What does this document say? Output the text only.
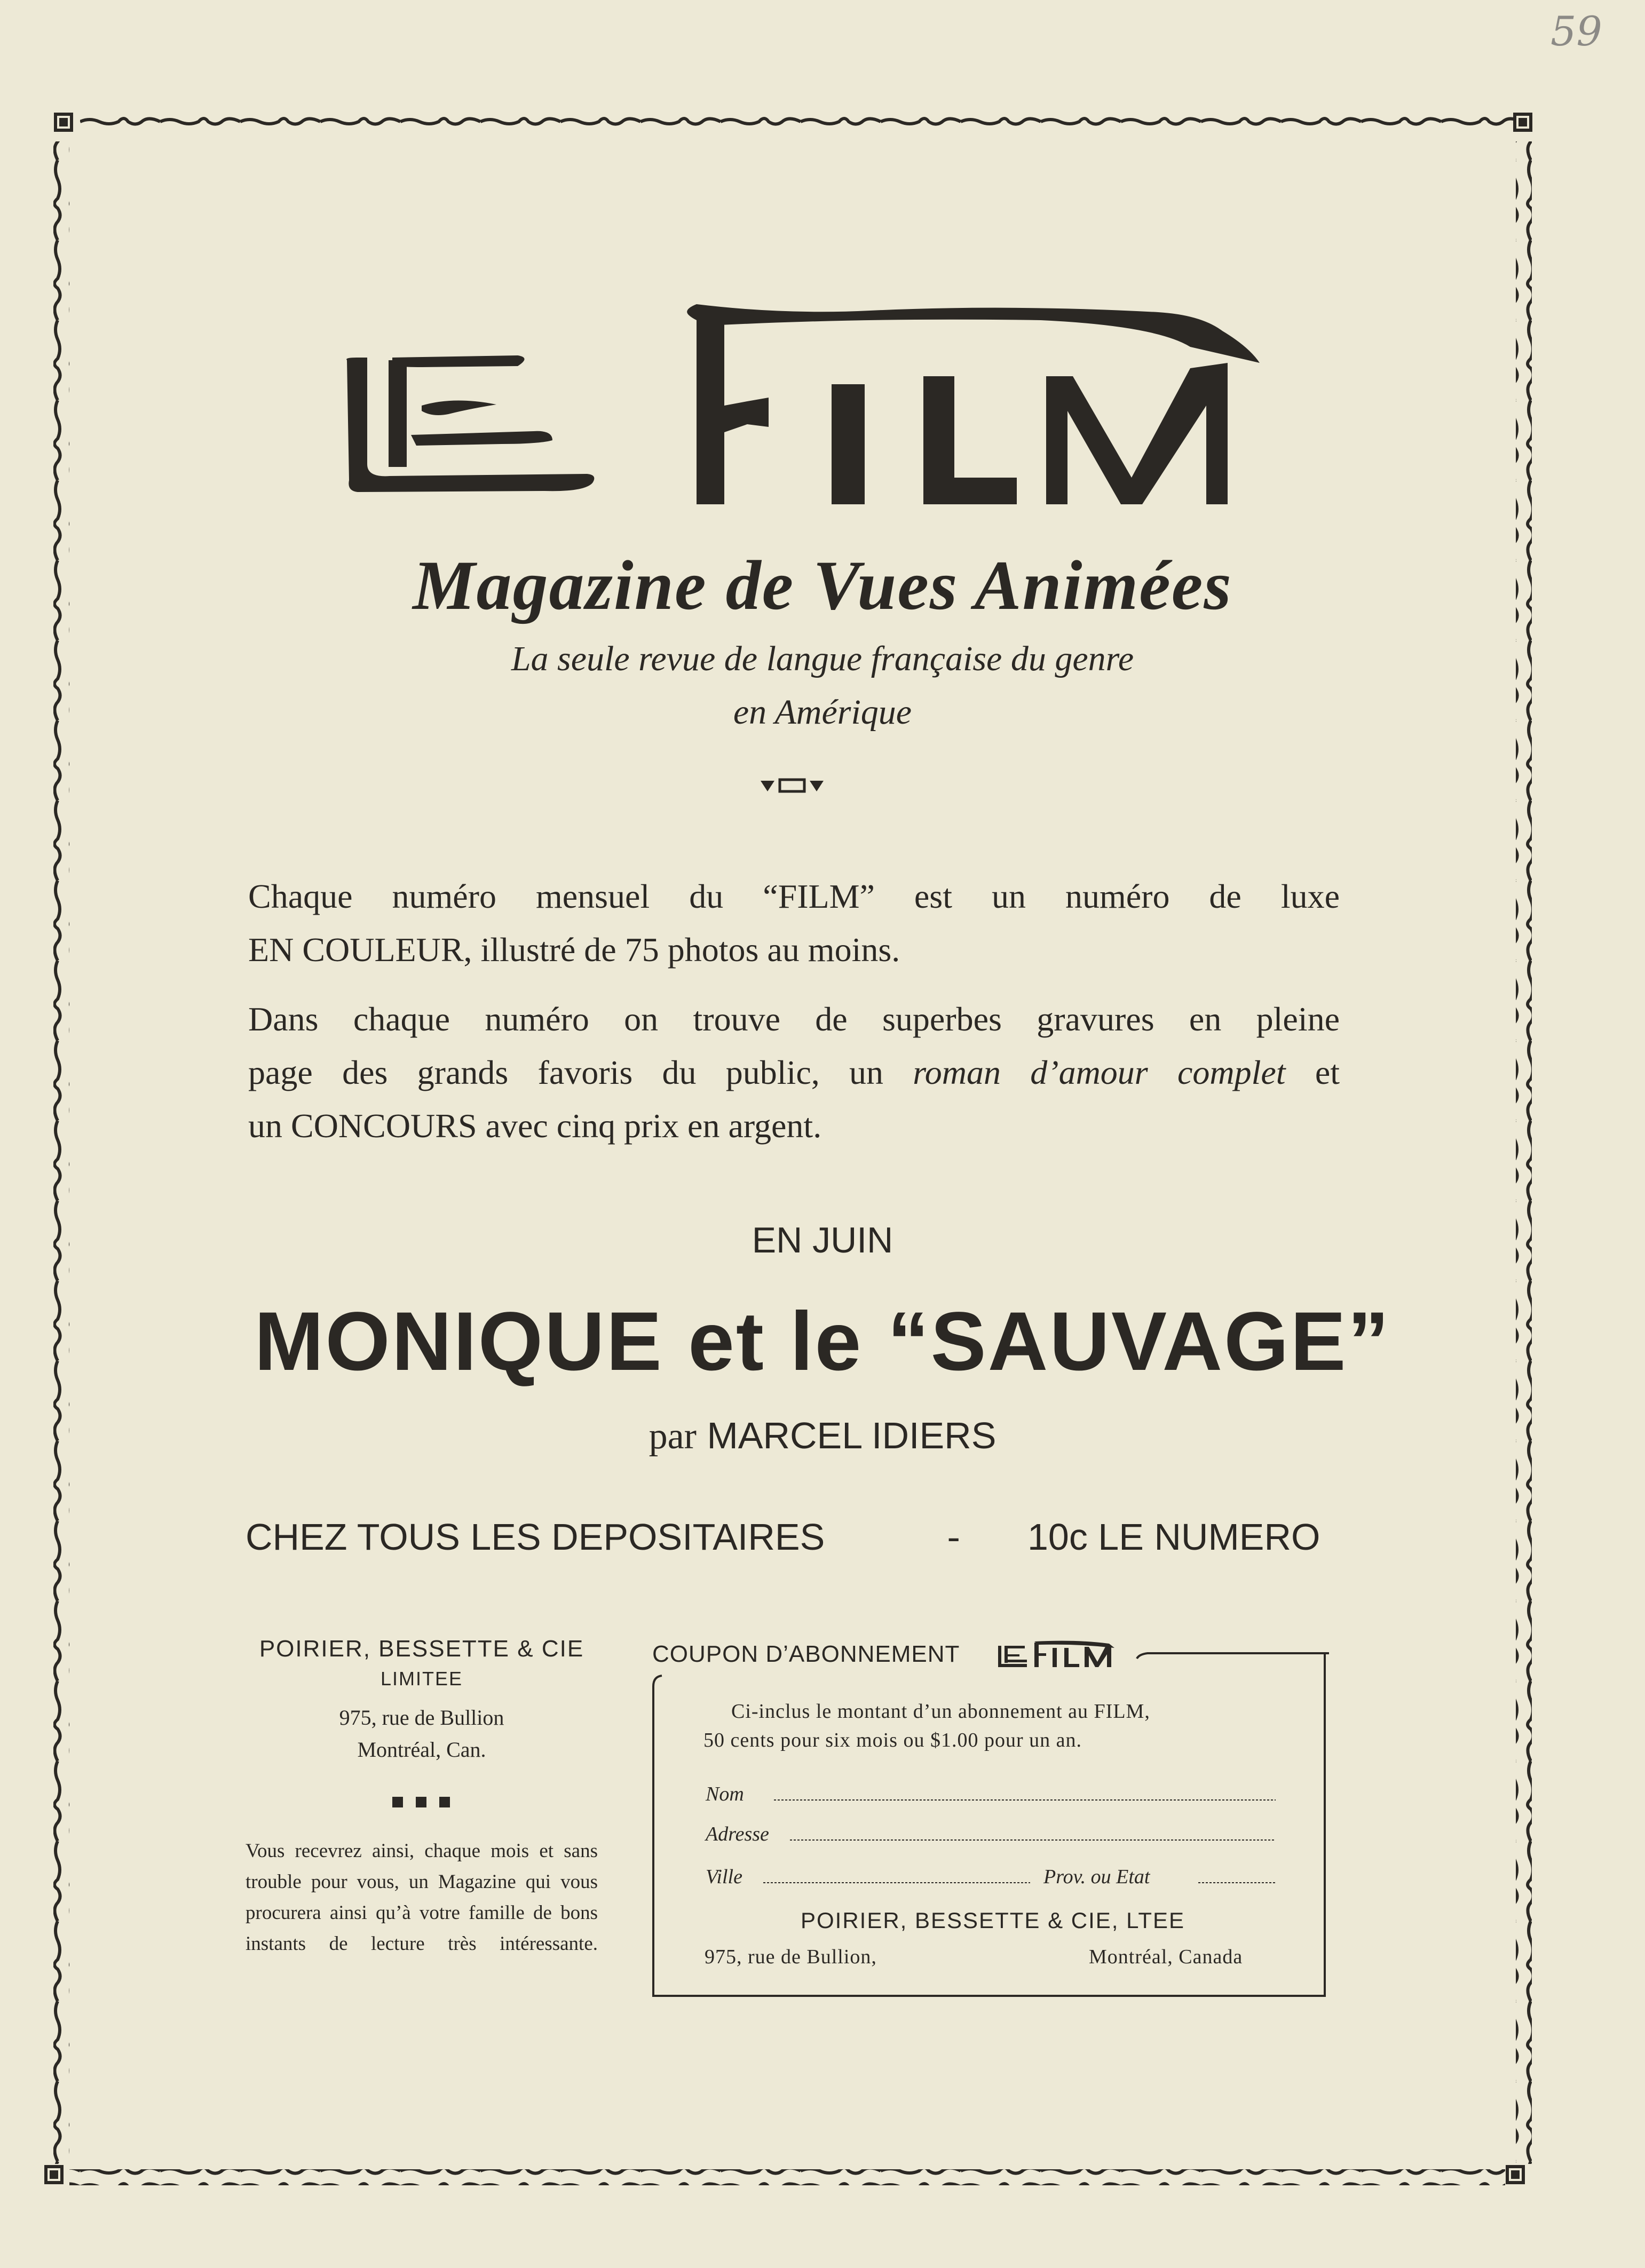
59
Magazine de Vues Animées
La seule revue de langue française du genre
en Amérique
Chaque numéro mensuel du “FILM” est un numéro de luxe
EN COULEUR, illustré de 75 photos au moins.
Dans chaque numéro on trouve de superbes gravures en pleine
page des grands favoris du public, un roman d’amour complet et
un CONCOURS avec cinq prix en argent.
EN JUIN
MONIQUE et le “SAUVAGE”
par MARCEL IDIERS
CHEZ TOUS LES DEPOSITAIRES	- 10c LE NUMERO
POIRIER, BESSETTE & CIE
LIMITEE
975, rue de Bullion
Montréal, Can.
Vous recevrez ainsi, chaque mois et sans trouble pour vous, un Magazine qui vous procurera ainsi qu’à votre famille de bons instants de lecture très intéressante.
COUPON D’ABONNEMENT
Ci-inclus le montant d’un abonnement au FILM,
50 cents pour six mois ou $1.00 pour un an.
Nom
Adresse
Ville	Prov. ou Etat
POIRIER, BESSETTE & CIE, LTEE
975, rue de Bullion,	Montréal, Canada
